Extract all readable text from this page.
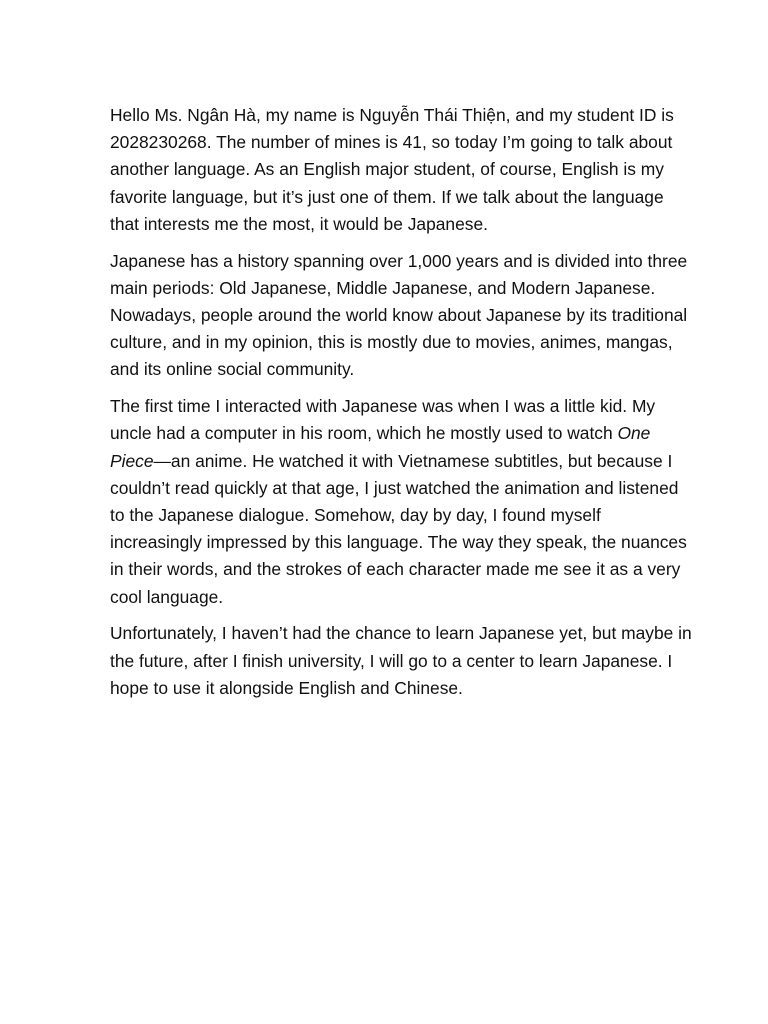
Hello Ms. Ngân Hà, my name is Nguyễn Thái Thiện, and my student ID is 2028230268. The number of mines is 41, so today I’m going to talk about another language. As an English major student, of course, English is my favorite language, but it’s just one of them. If we talk about the language that interests me the most, it would be Japanese.

Japanese has a history spanning over 1,000 years and is divided into three main periods: Old Japanese, Middle Japanese, and Modern Japanese. Nowadays, people around the world know about Japanese by its traditional culture, and in my opinion, this is mostly due to movies, animes, mangas, and its online social community.

The first time I interacted with Japanese was when I was a little kid. My uncle had a computer in his room, which he mostly used to watch One Piece—an anime. He watched it with Vietnamese subtitles, but because I couldn’t read quickly at that age, I just watched the animation and listened to the Japanese dialogue. Somehow, day by day, I found myself increasingly impressed by this language. The way they speak, the nuances in their words, and the strokes of each character made me see it as a very cool language.

Unfortunately, I haven’t had the chance to learn Japanese yet, but maybe in the future, after I finish university, I will go to a center to learn Japanese. I hope to use it alongside English and Chinese.
